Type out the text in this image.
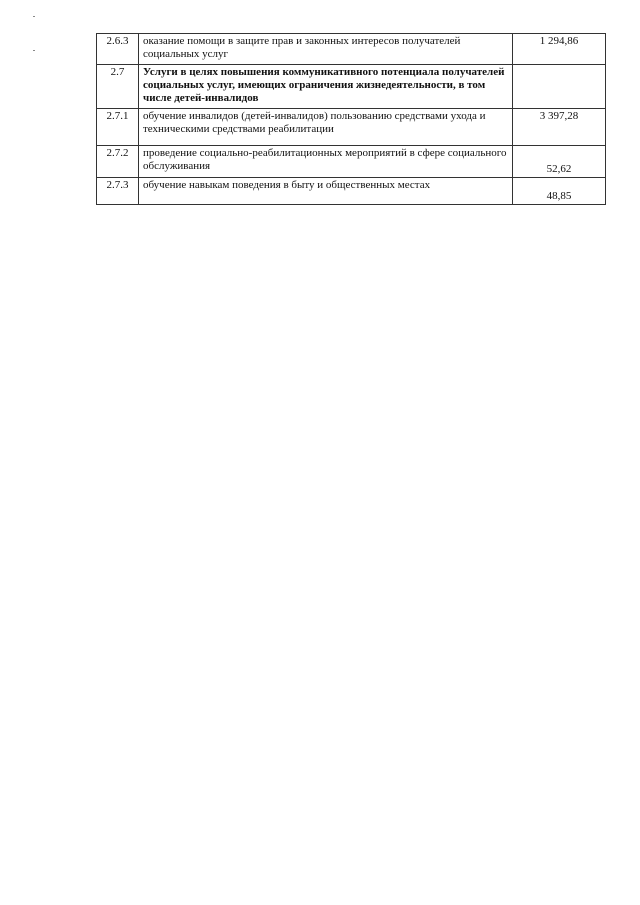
2.6.3	оказание помощи в защите прав и законных интересов получателей социальных услуг	1 294,86
2.7	Услуги в целях повышения коммуникативного потенциала получателей социальных услуг, имеющих ограничения жизнедеятельности, в том числе детей-инвалидов	
2.7.1	обучение инвалидов (детей-инвалидов) пользованию средствами ухода и техническими средствами реабилитации	3 397,28
2.7.2	проведение социально-реабилитационных мероприятий в сфере социального обслуживания	52,62
2.7.3	обучение навыкам поведения в быту и общественных местах	48,85
